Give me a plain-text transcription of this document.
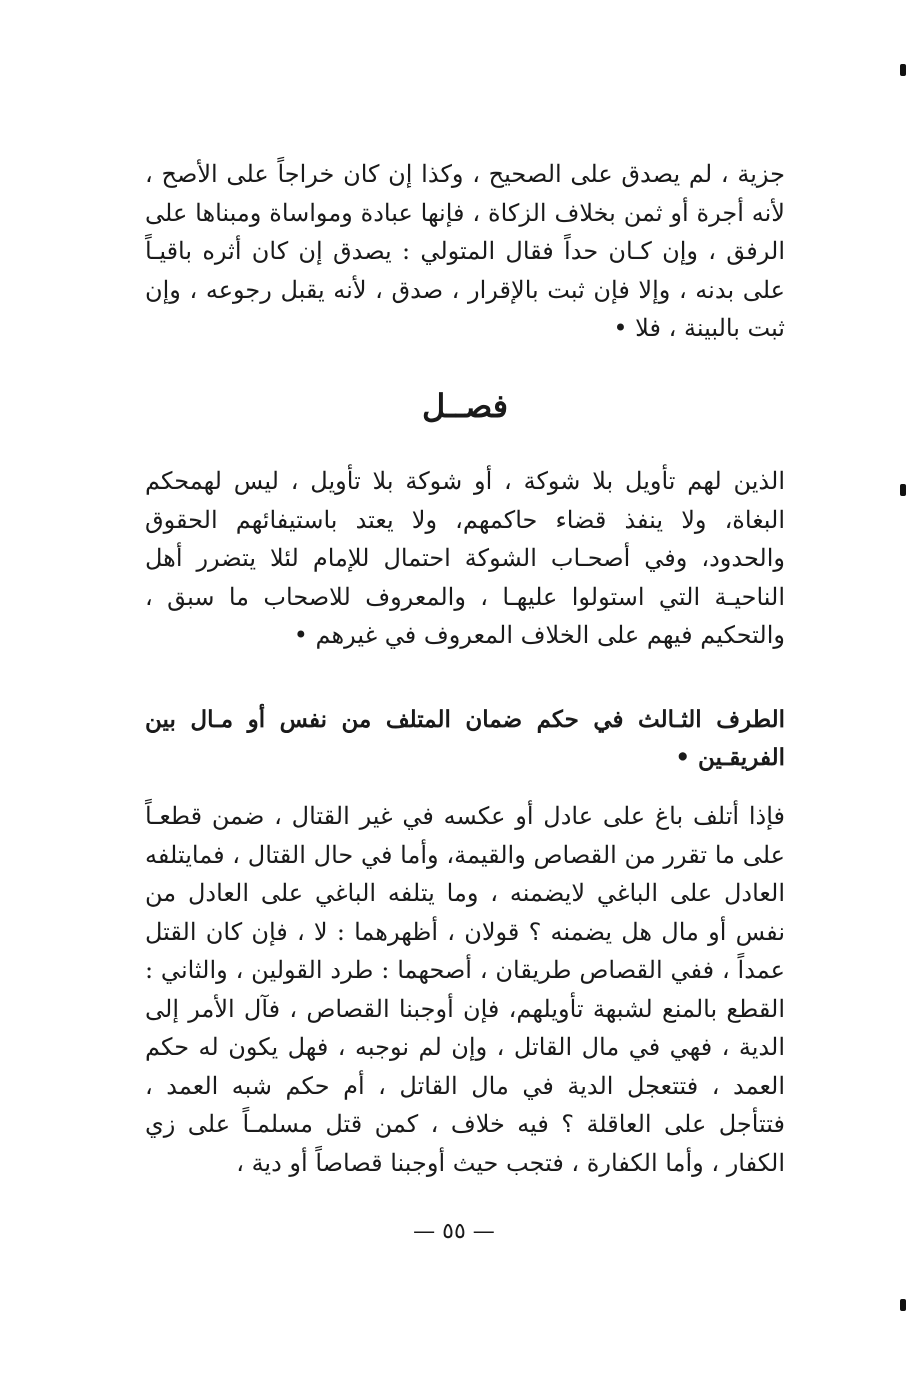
جزية ، لم يصدق على الصحيح ، وكذا إن كان خراجاً على الأصح ، لأنه أجرة أو ثمن بخلاف الزكاة ، فإنها عبادة ومواساة ومبناها على الرفق ، وإن كـان حداً فقال المتولي : يصدق إن كان أثره باقيـاً على بدنه ، وإلا فإن ثبت بالإقرار ، صدق ، لأنه يقبل رجوعه ، وإن ثبت بالبينة ، فلا •

فصــل

الذين لهم تأويل بلا شوكة ، أو شوكة بلا تأويل ، ليس لهمحكم البغاة، ولا ينفذ قضاء حاكمهم، ولا يعتد باستيفائهم الحقوق والحدود، وفي أصحـاب الشوكة احتمال للإمام لئلا يتضرر أهل الناحيـة التي استولوا عليهـا ، والمعروف للاصحاب ما سبق ، والتحكيم فيهم على الخلاف المعروف في غيرهم •

الطرف الثـالث في حكم ضمان المتلف من نفس أو مـال بين الفريقـين •

فإذا أتلف باغ على عادل أو عكسه في غير القتال ، ضمن قطعـاً على ما تقرر من القصاص والقيمة، وأما في حال القتال ، فمايتلفه العادل على الباغي لايضمنه ، وما يتلفه الباغي على العادل من نفس أو مال هل يضمنه ؟ قولان ، أظهرهما : لا ، فإن كان القتل عمداً ، ففي القصاص طريقان ، أصحهما : طرد القولين ، والثاني : القطع بالمنع لشبهة تأويلهم، فإن أوجبنا القصاص ، فآل الأمر إلى الدية ، فهي في مال القاتل ، وإن لم نوجبه ، فهل يكون له حكم العمد ، فتتعجل الدية في مال القاتل ، أم حكم شبه العمد ، فتتأجل على العاقلة ؟ فيه خلاف ، كمن قتل مسلمـاً على زي الكفار ، وأما الكفارة ، فتجب حيث أوجبنا قصاصاً أو دية ،

— ٥٥ —
